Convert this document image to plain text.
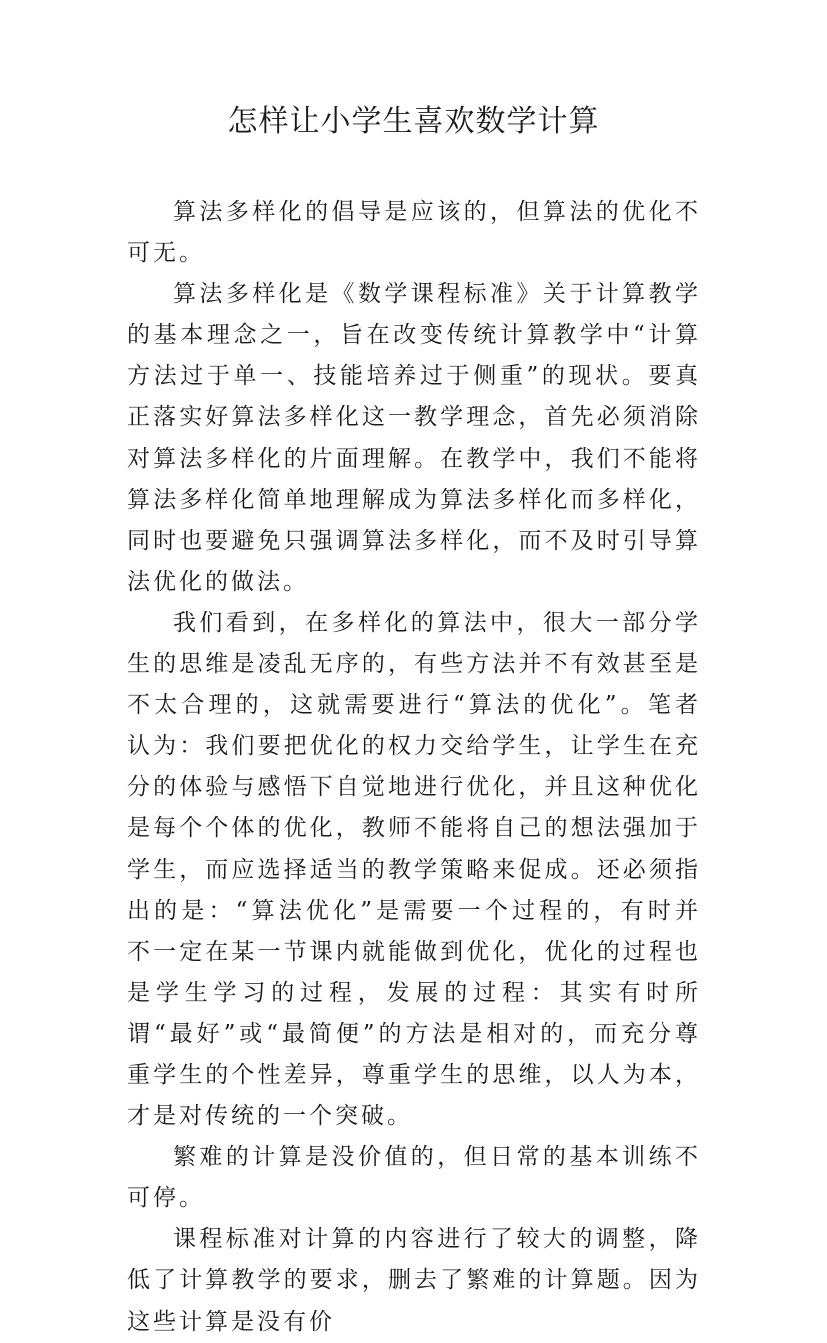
怎样让小学生喜欢数学计算

算法多样化的倡导是应该的，但算法的优化不可无。

算法多样化是《数学课程标准》关于计算教学的基本理念之一，旨在改变传统计算教学中“计算方法过于单一、技能培养过于侧重”的现状。要真正落实好算法多样化这一教学理念，首先必须消除对算法多样化的片面理解。在教学中，我们不能将算法多样化简单地理解成为算法多样化而多样化，同时也要避免只强调算法多样化，而不及时引导算法优化的做法。

我们看到，在多样化的算法中，很大一部分学生的思维是凌乱无序的，有些方法并不有效甚至是不太合理的，这就需要进行“算法的优化”。笔者认为：我们要把优化的权力交给学生，让学生在充分的体验与感悟下自觉地进行优化，并且这种优化是每个个体的优化，教师不能将自己的想法强加于学生，而应选择适当的教学策略来促成。还必须指出的是：“算法优化”是需要一个过程的，有时并不一定在某一节课内就能做到优化，优化的过程也是学生学习的过程，发展的过程：其实有时所谓“最好”或“最简便”的方法是相对的，而充分尊重学生的个性差异，尊重学生的思维，以人为本，才是对传统的一个突破。

繁难的计算是没价值的，但日常的基本训练不可停。

课程标准对计算的内容进行了较大的调整，降低了计算教学的要求，删去了繁难的计算题。因为这些计算是没有价
